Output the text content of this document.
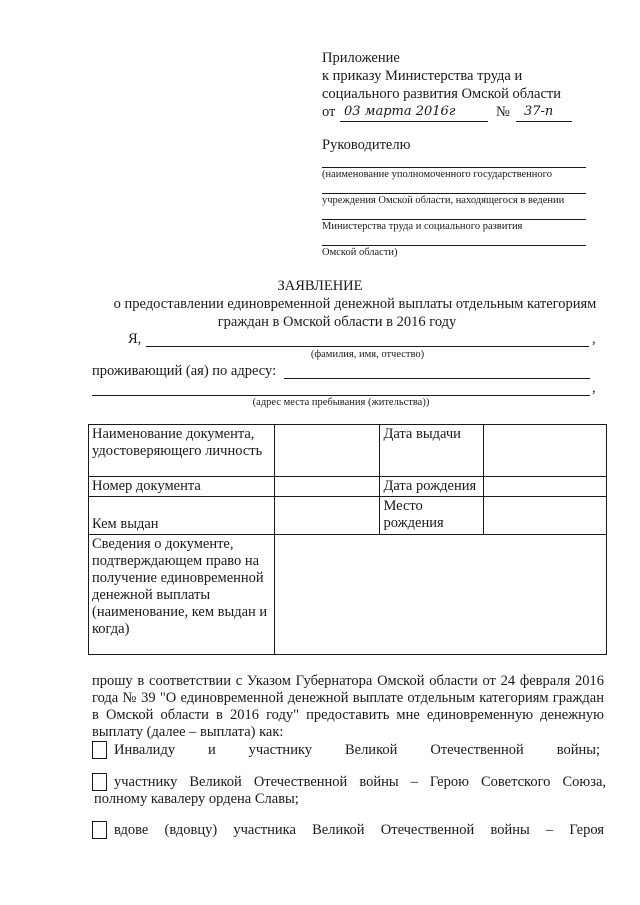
Приложение
к приказу Министерства труда и
социального развития Омской области
от 03 марта 2016г	№ 37-п
Руководителю
(наименование уполномоченного государственного
учреждения Омской области, находящегося в ведении
Министерства труда и социального развития
Омской области)
ЗАЯВЛЕНИЕ
о предоставлении единовременной денежной выплаты отдельным категориям
граждан в Омской области в 2016 году
Я,	,
(фамилия, имя, отчество)
проживающий (ая) по адресу:
,
(адрес места пребывания (жительства))
Наименование документа, удостоверяющего личность		Дата выдачи	
Номер документа		Дата рождения	
Кем выдан		Место рождения	
Сведения о документе, подтверждающем право на получение единовременной денежной выплаты (наименование, кем выдан и когда)			
прошу в соответствии с Указом Губернатора Омской области от 24 февраля 2016 года № 39 "О единовременной денежной выплате отдельным категориям граждан в Омской области в 2016 году" предоставить мне единовременную денежную выплату (далее – выплата) как:
Инвалиду и участнику Великой Отечественной войны;
участнику Великой Отечественной войны – Герою Советского Союза,
полному кавалеру ордена Славы;
вдове (вдовцу) участника Великой Отечественной войны – Героя
